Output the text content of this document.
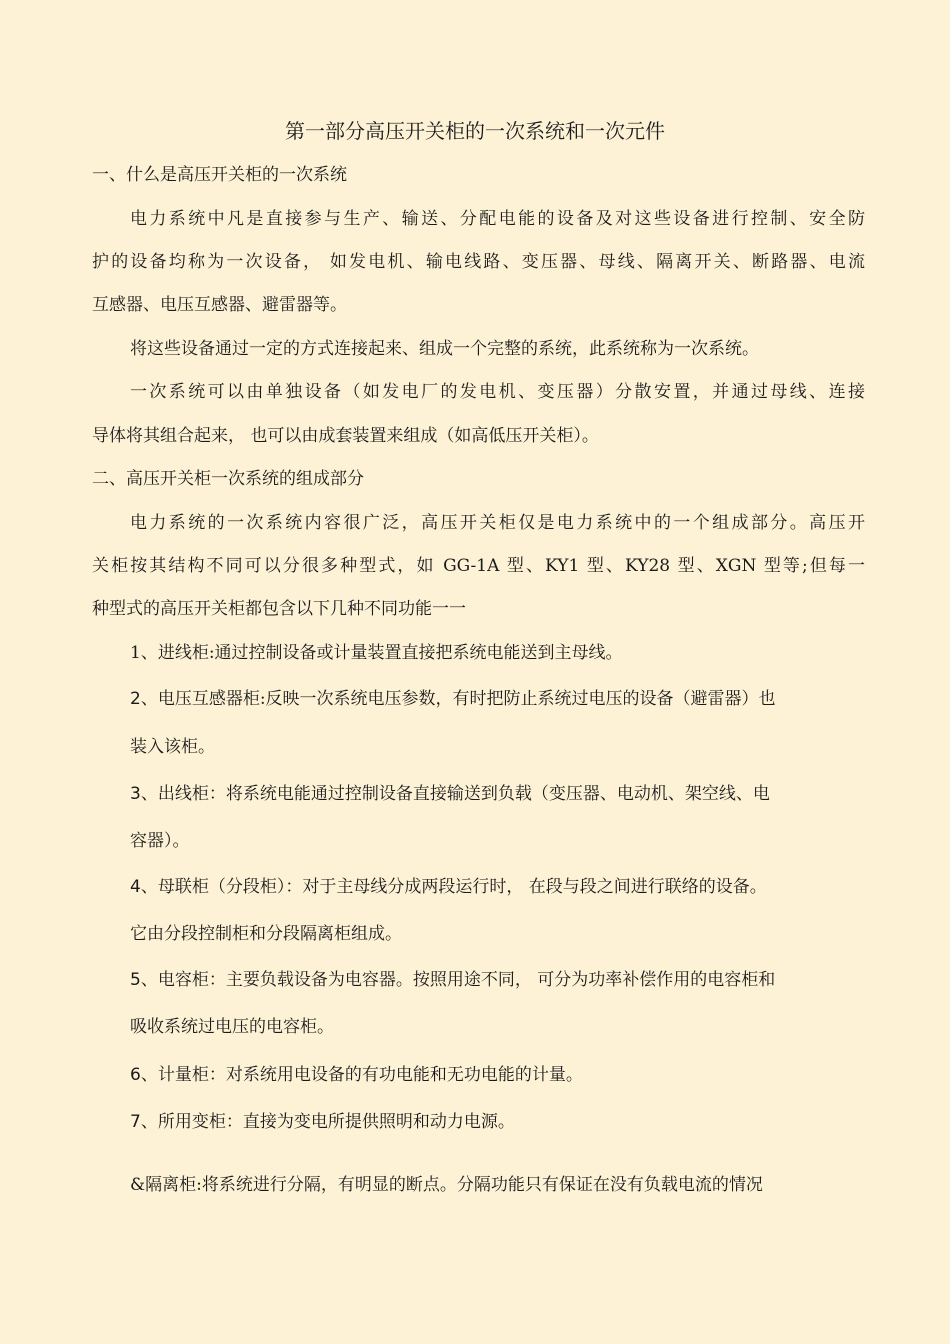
第一部分高压开关柜的一次系统和一次元件
一、什么是高压开关柜的一次系统
电力系统中凡是直接参与生产、输送、分配电能的设备及对这些设备进行控制、安全防
护的设备均称为一次设备， 如发电机、输电线路、变压器、母线、隔离开关、断路器、电流
互感器、电压互感器、避雷器等。
将这些设备通过一定的方式连接起来、组成一个完整的系统，此系统称为一次系统。
一次系统可以由单独设备（如发电厂的发电机、变压器）分散安置，并通过母线、连接
导体将其组合起来， 也可以由成套装置来组成（如高低压开关柜）。
二、高压开关柜一次系统的组成部分
电力系统的一次系统内容很广泛，高压开关柜仅是电力系统中的一个组成部分。高压开
关柜按其结构不同可以分很多种型式，如 GG-1A 型、KY1 型、KY28 型、XGN 型等;但每一
种型式的高压开关柜都包含以下几种不同功能一一
1、进线柜:通过控制设备或计量装置直接把系统电能送到主母线。
2、电压互感器柜:反映一次系统电压参数，有时把防止系统过电压的设备（避雷器）也
装入该柜。
3、出线柜：将系统电能通过控制设备直接输送到负载（变压器、电动机、架空线、电
容器）。
4、母联柜（分段柜）：对于主母线分成两段运行时， 在段与段之间进行联络的设备。
它由分段控制柜和分段隔离柜组成。
5、电容柜：主要负载设备为电容器。按照用途不同， 可分为功率补偿作用的电容柜和
吸收系统过电压的电容柜。
6、计量柜：对系统用电设备的有功电能和无功电能的计量。
7、所用变柜：直接为变电所提供照明和动力电源。
&隔离柜:将系统进行分隔，有明显的断点。分隔功能只有保证在没有负载电流的情况
